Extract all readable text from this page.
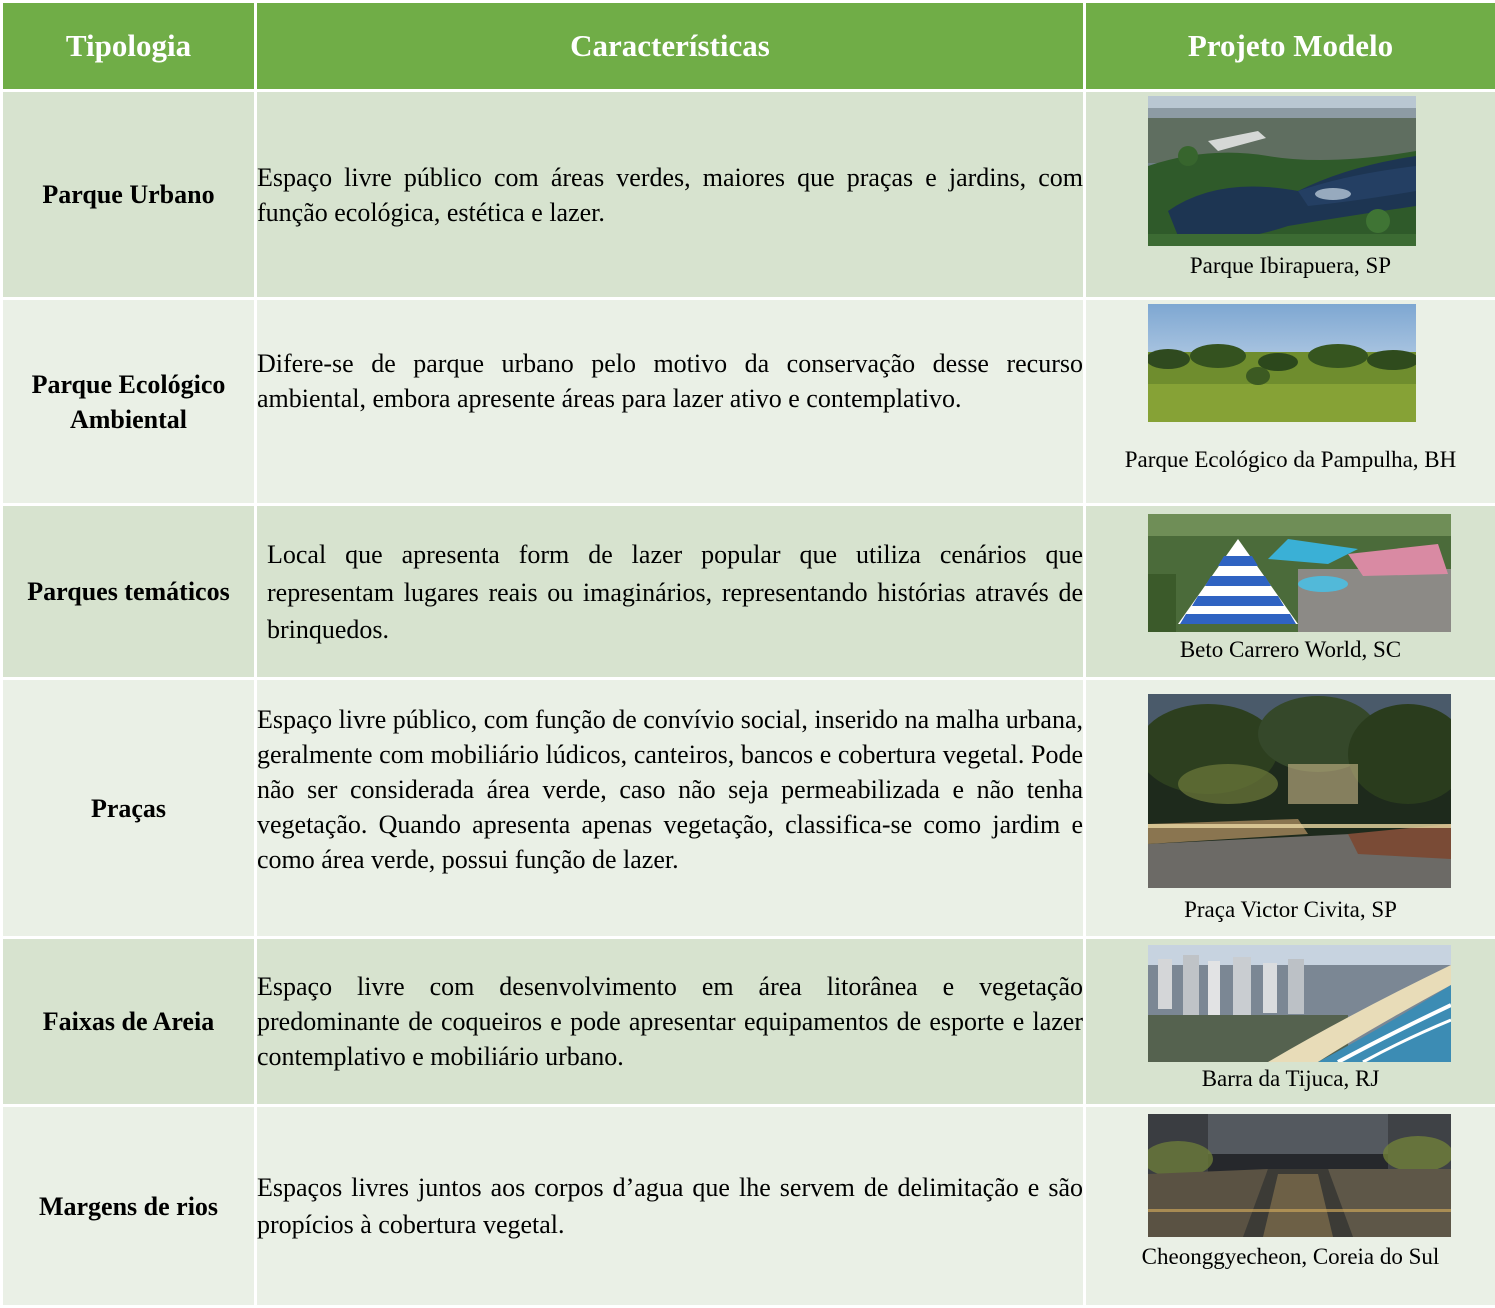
Tipologia	Características	Projeto Modelo
Parque Urbano	Espaço livre público com áreas verdes, maiores que praças e jardins, com função ecológica, estética e lazer.	Parque Ibirapuera, SP

Parque Ecológico Ambiental	Difere-se de parque urbano pelo motivo da conservação desse recurso ambiental, embora apresente áreas para lazer ativo e contemplativo.	Parque Ecológico da Pampulha, BH

Parques temáticos	Local que apresenta form de lazer popular que utiliza cenários que representam lugares reais ou imaginários, representando histórias através de brinquedos.	Beto Carrero World, SC

Praças	Espaço livre público, com função de convívio social, inserido na malha urbana, geralmente com mobiliário lúdicos, canteiros, bancos e cobertura vegetal. Pode não ser considerada área verde, caso não seja permeabilizada e não tenha vegetação. Quando apresenta apenas vegetação, classifica-se como jardim e como área verde, possui função de lazer.	Praça Victor Civita, SP

Faixas de Areia	Espaço livre com desenvolvimento em área litorânea e vegetação predominante de coqueiros e pode apresentar equipamentos de esporte e lazer contemplativo e mobiliário urbano.	Barra da Tijuca, RJ

Margens de rios	Espaços livres juntos aos corpos d’agua que lhe servem de delimitação e são propícios à cobertura vegetal.	Cheonggyecheon, Coreia do Sul
